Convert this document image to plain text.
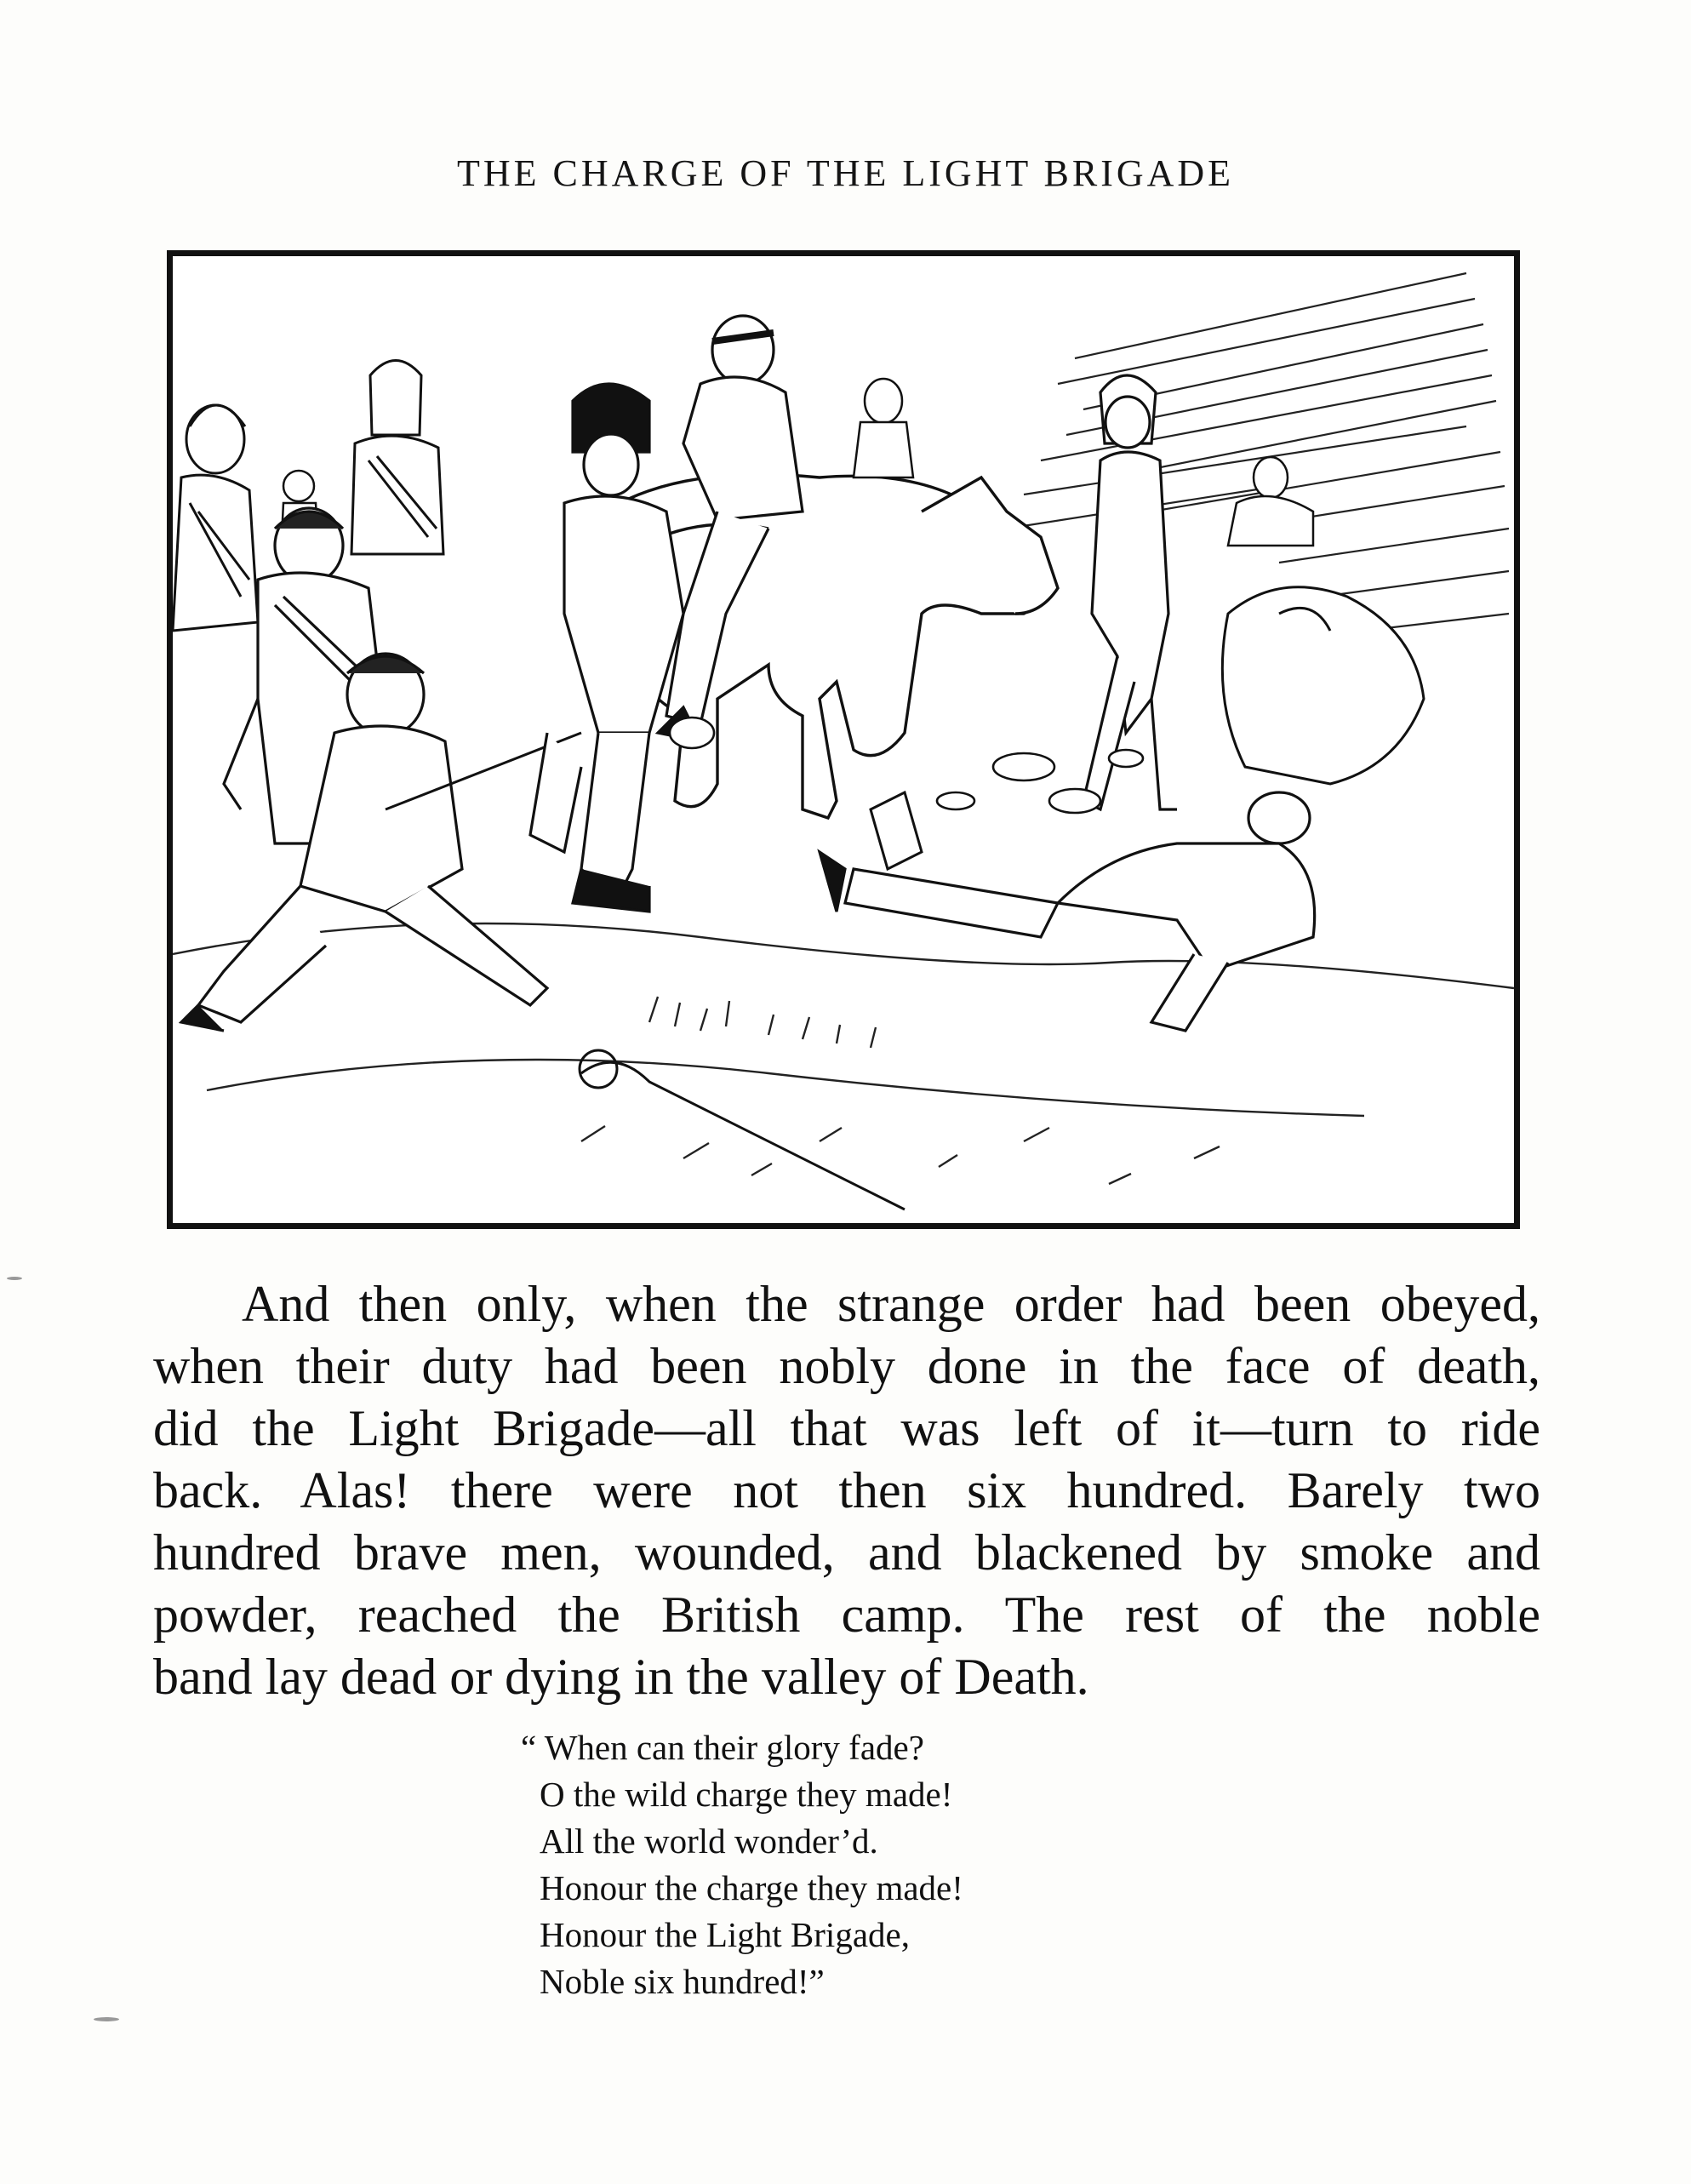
THE CHARGE OF THE LIGHT BRIGADE
And then only, when the strange order had been obeyed,
when their duty had been nobly done in the face of death,
did the Light Brigade—all that was left of it—turn to ride
back. Alas! there were not then six hundred. Barely two
hundred brave men, wounded, and blackened by smoke and
powder, reached the British camp. The rest of the noble
band lay dead or dying in the valley of Death.
“ When can their glory fade?
O the wild charge they made!
All the world wonder’d.
Honour the charge they made!
Honour the Light Brigade,
Noble six hundred!”
